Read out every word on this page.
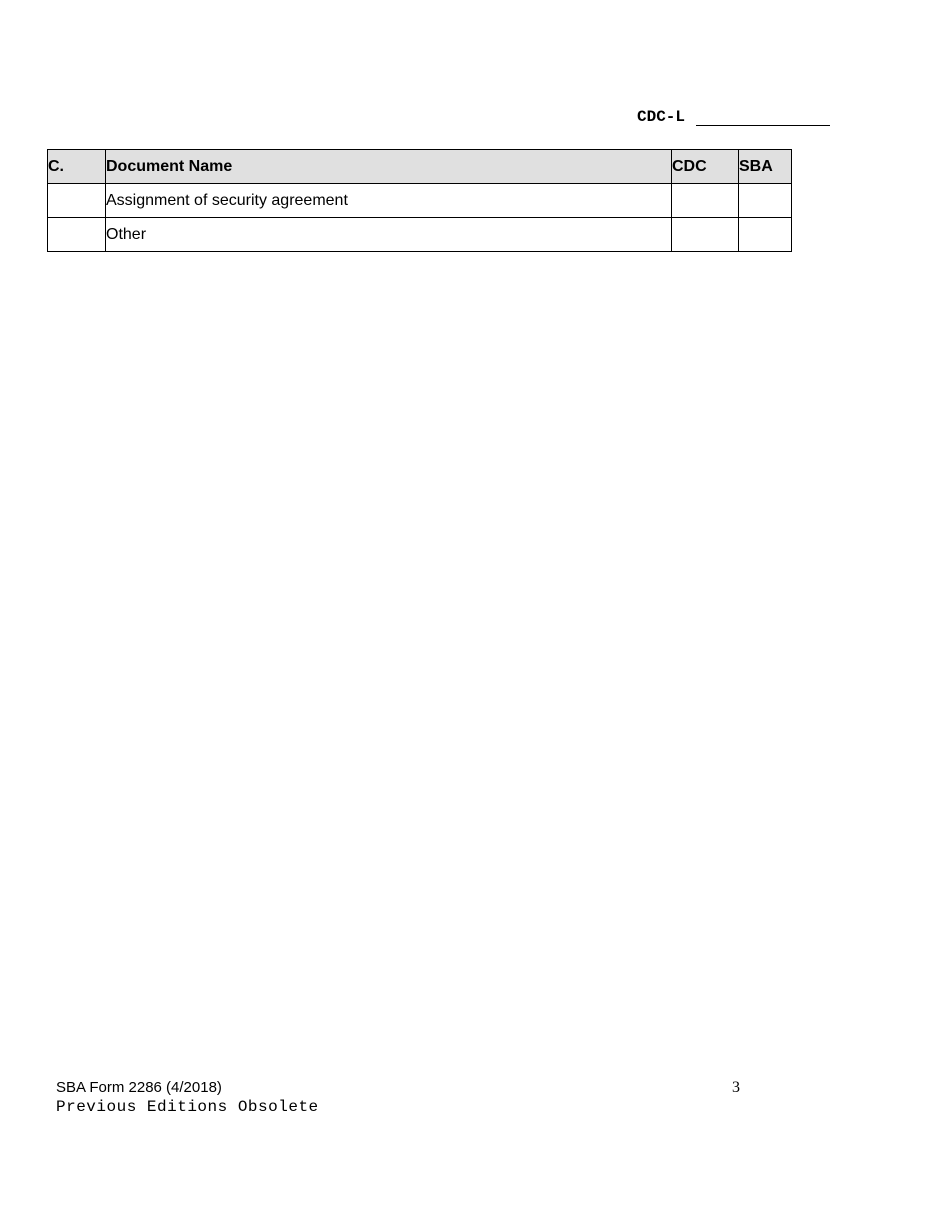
CDC-L
C.	Document Name	CDC	SBA
	Assignment of security agreement		
	Other		
SBA Form 2286 (4/2018)	3
Previous Editions Obsolete
